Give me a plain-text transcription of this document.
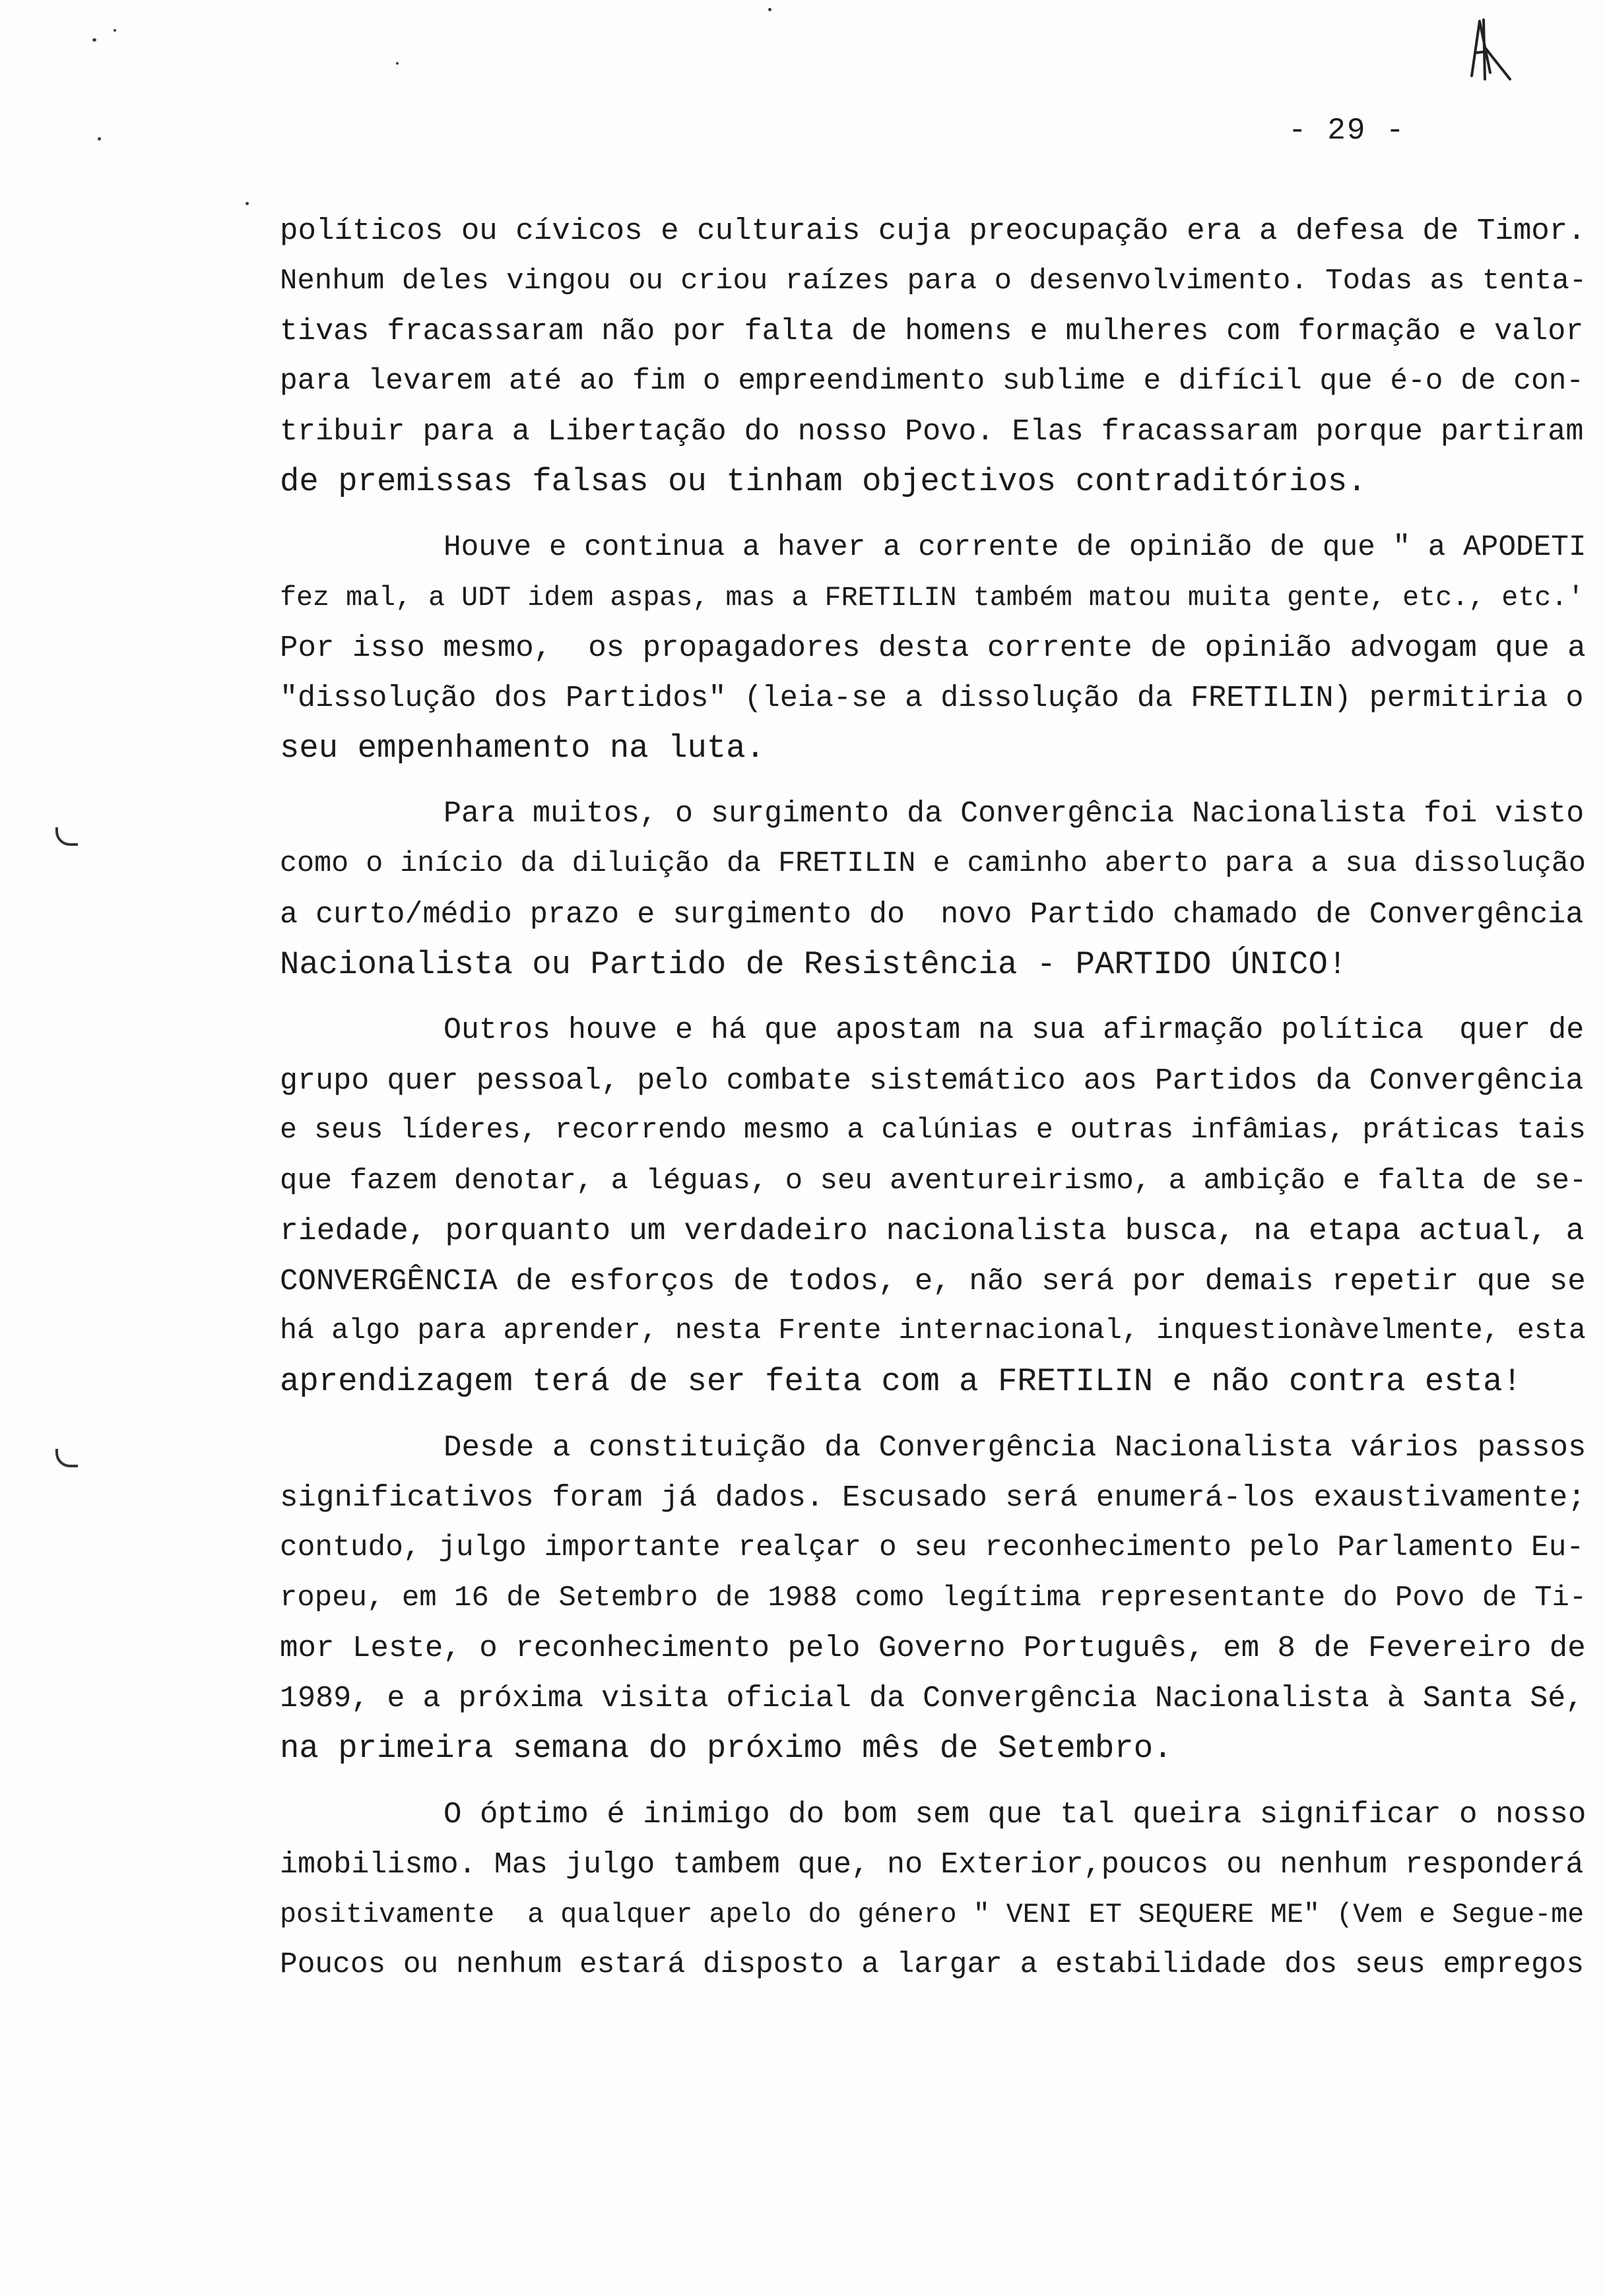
- 29 -
políticos ou cívicos e culturais cuja preocupação era a defesa de Timor.
Nenhum deles vingou ou criou raízes para o desenvolvimento. Todas as tenta-
tivas fracassaram não por falta de homens e mulheres com formação e valor
para levarem até ao fim o empreendimento sublime e difícil que é-o de con-
tribuir para a Libertação do nosso Povo. Elas fracassaram porque partiram
de premissas falsas ou tinham objectivos contraditórios.
Houve e continua a haver a corrente de opinião de que " a APODETI
fez mal, a UDT idem aspas, mas a FRETILIN também matou muita gente, etc., etc.'
Por isso mesmo,  os propagadores desta corrente de opinião advogam que a
"dissolução dos Partidos" (leia-se a dissolução da FRETILIN) permitiria o
seu empenhamento na luta.
Para muitos, o surgimento da Convergência Nacionalista foi visto
como o início da diluição da FRETILIN e caminho aberto para a sua dissolução
a curto/médio prazo e surgimento do  novo Partido chamado de Convergência
Nacionalista ou Partido de Resistência - PARTIDO ÚNICO!
Outros houve e há que apostam na sua afirmação política  quer de
grupo quer pessoal, pelo combate sistemático aos Partidos da Convergência
e seus líderes, recorrendo mesmo a calúnias e outras infâmias, práticas tais
que fazem denotar, a léguas, o seu aventureirismo, a ambição e falta de se-
riedade, porquanto um verdadeiro nacionalista busca, na etapa actual, a
CONVERGÊNCIA de esforços de todos, e, não será por demais repetir que se
há algo para aprender, nesta Frente internacional, inquestionàvelmente, esta
aprendizagem terá de ser feita com a FRETILIN e não contra esta!
Desde a constituição da Convergência Nacionalista vários passos
significativos foram já dados. Escusado será enumerá-los exaustivamente;
contudo, julgo importante realçar o seu reconhecimento pelo Parlamento Eu-
ropeu, em 16 de Setembro de 1988 como legítima representante do Povo de Ti-
mor Leste, o reconhecimento pelo Governo Português, em 8 de Fevereiro de
1989, e a próxima visita oficial da Convergência Nacionalista à Santa Sé,
na primeira semana do próximo mês de Setembro.
O óptimo é inimigo do bom sem que tal queira significar o nosso
imobilismo. Mas julgo tambem que, no Exterior,poucos ou nenhum responderá
positivamente  a qualquer apelo do género " VENI ET SEQUERE ME" (Vem e Segue-me
Poucos ou nenhum estará disposto a largar a estabilidade dos seus empregos
